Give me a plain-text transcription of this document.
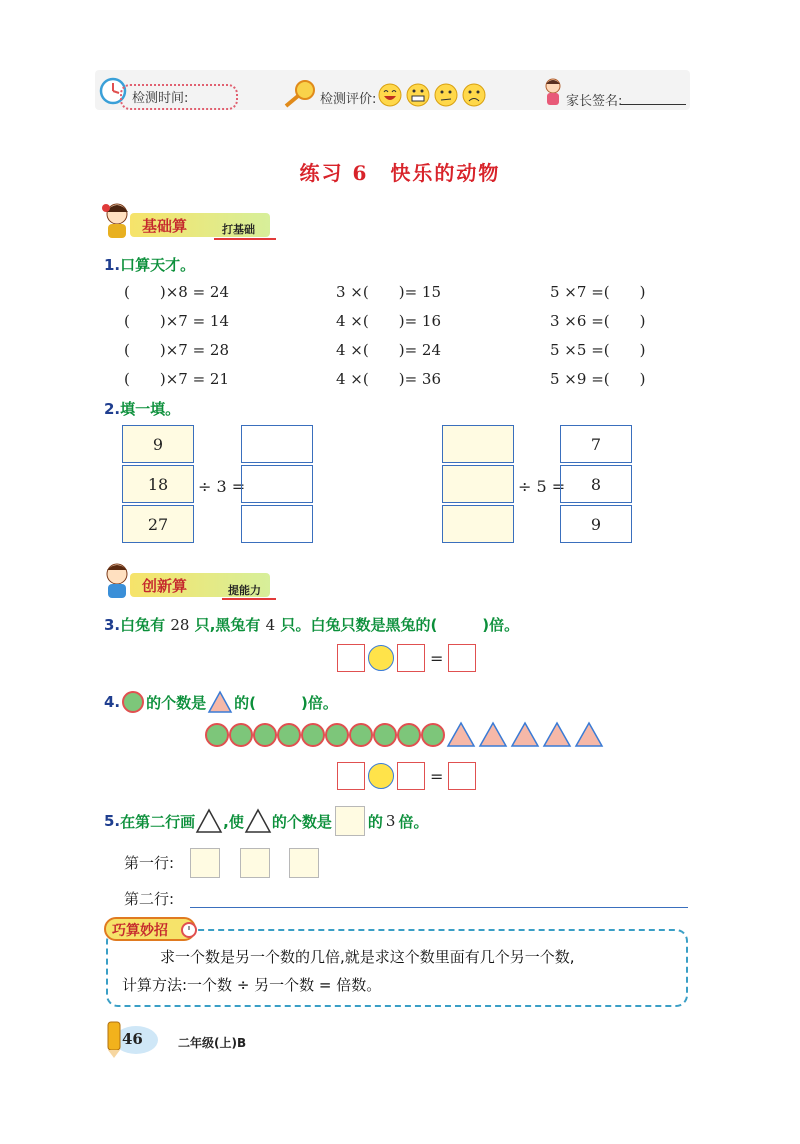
检测时间:	检测评价:	家长签名:
练习 6　快乐的动物
基础算	打基础
1.口算天才。
(　　)×8 = 24	3 ×(　　)= 15	5 ×7 =(　　)
(　　)×7 = 14	4 ×(　　)= 16	3 ×6 =(　　)
(　　)×7 = 28	4 ×(　　)= 24	5 ×5 =(　　)
(　　)×7 = 21	4 ×(　　)= 36	5 ×9 =(　　)
2.填一填。
9
18
27
÷ 3 =	÷ 5 =
7
8
9
创新算	提能力
3.白兔有 28 只,黑兔有 4 只。白兔只数是黑兔的(　　　)倍。
=
4. 的个数是 的(　　　)倍。
=
5. 在第二行画 ,使 的个数是 的 3 倍。
第一行:
第二行:
巧算妙招
求一个数是另一个数的几倍,就是求这个数里面有几个另一个数,
计算方法:一个数 ÷ 另一个数 = 倍数。
46	二年级(上)B
